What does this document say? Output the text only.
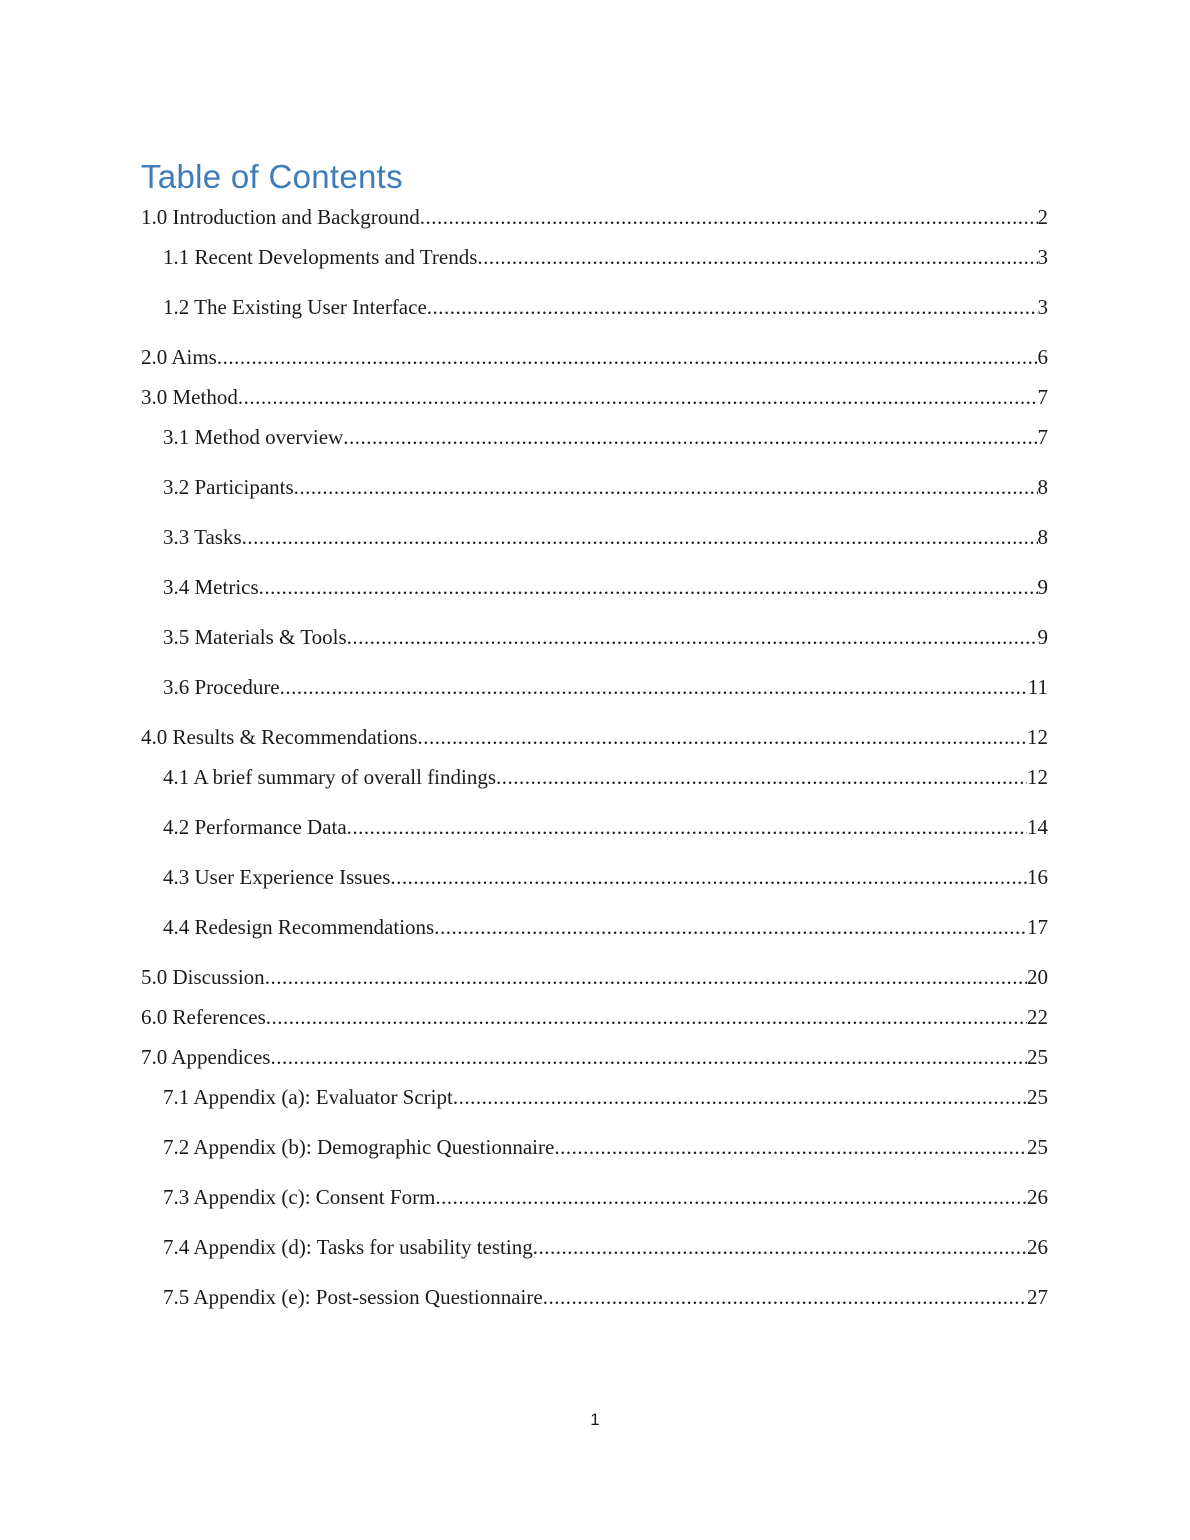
Table of Contents
1.0 Introduction and Background .....	2
1.1 Recent Developments and Trends .....	3
1.2 The Existing User Interface .....	3
2.0 Aims .....	6
3.0 Method .....	7
3.1 Method overview .....	7
3.2 Participants .....	8
3.3 Tasks .....	8
3.4 Metrics .....	9
3.5 Materials & Tools .....	9
3.6 Procedure .....	11
4.0 Results & Recommendations .....	12
4.1 A brief summary of overall findings .....	12
4.2 Performance Data .....	14
4.3 User Experience Issues .....	16
4.4 Redesign Recommendations .....	17
5.0 Discussion .....	20
6.0 References .....	22
7.0 Appendices .....	25
7.1 Appendix (a): Evaluator Script .....	25
7.2 Appendix (b): Demographic Questionnaire .....	25
7.3 Appendix (c): Consent Form .....	26
7.4 Appendix (d): Tasks for usability testing .....	26
7.5 Appendix (e): Post-session Questionnaire .....	27
1
